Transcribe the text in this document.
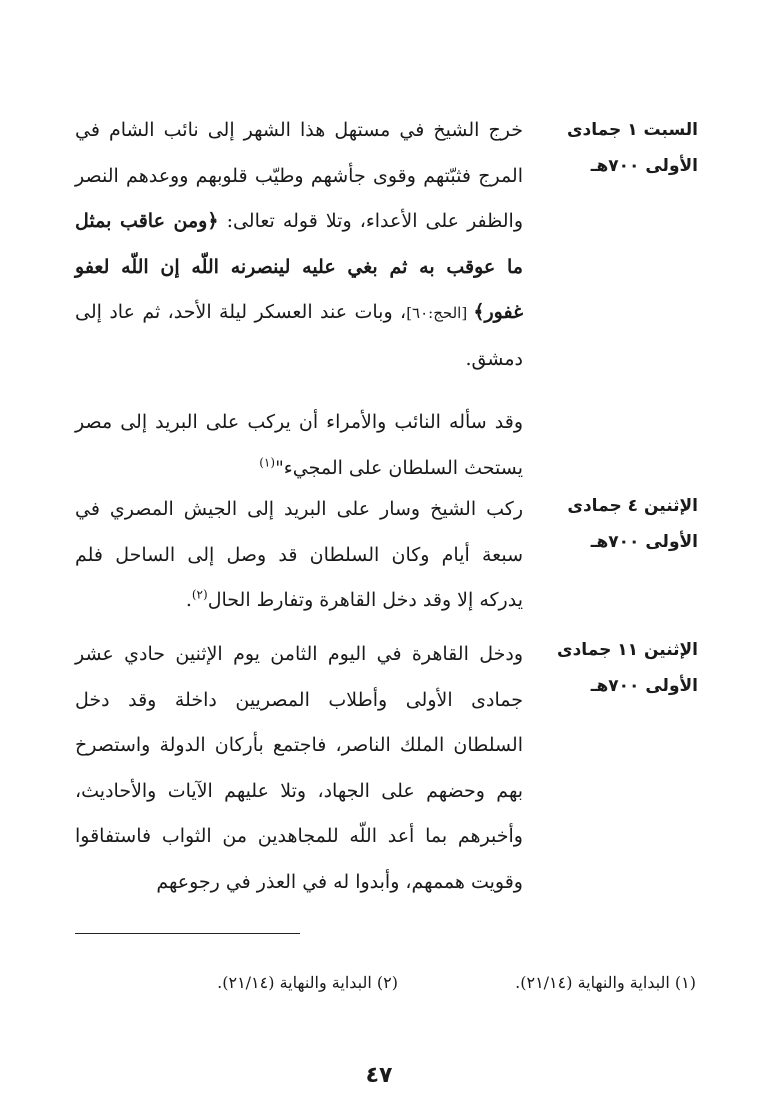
السبت ١ جمادى الأولى ٧٠٠هـ

خرج الشيخ في مستهل هذا الشهر إلى نائب الشام في المرج فثبّتهم وقوى جأشهم وطيّب قلوبهم ووعدهم النصر والظفر على الأعداء، وتلا قوله تعالى: ﴿ومن عاقب بمثل ما عوقب به ثم بغي عليه لينصرنه اللّه إن اللّه لعفو غفور﴾ [الحج:٦٠]، وبات عند العسكر ليلة الأحد، ثم عاد إلى دمشق.

وقد سأله النائب والأمراء أن يركب على البريد إلى مصر يستحث السلطان على المجيء"$^{(١)}$

الإثنين ٤ جمادى الأولى ٧٠٠هـ

ركب الشيخ وسار على البريد إلى الجيش المصري في سبعة أيام وكان السلطان قد وصل إلى الساحل فلم يدركه إلا وقد دخل القاهرة وتفارط الحال$^{(٢)}$.

الإثنين ١١ جمادى الأولى ٧٠٠هـ

ودخل القاهرة في اليوم الثامن يوم الإثنين حادي عشر جمادى الأولى وأطلاب المصريين داخلة وقد دخل السلطان الملك الناصر، فاجتمع بأركان الدولة واستصرخ بهم وحضهم على الجهاد، وتلا عليهم الآيات والأحاديث، وأخبرهم بما أعد اللّه للمجاهدين من الثواب فاستفاقوا وقويت هممهم، وأبدوا له في العذر في رجوعهم

(١) البداية والنهاية (٢١/١٤).
(٢) البداية والنهاية (٢١/١٤).
٤٧
